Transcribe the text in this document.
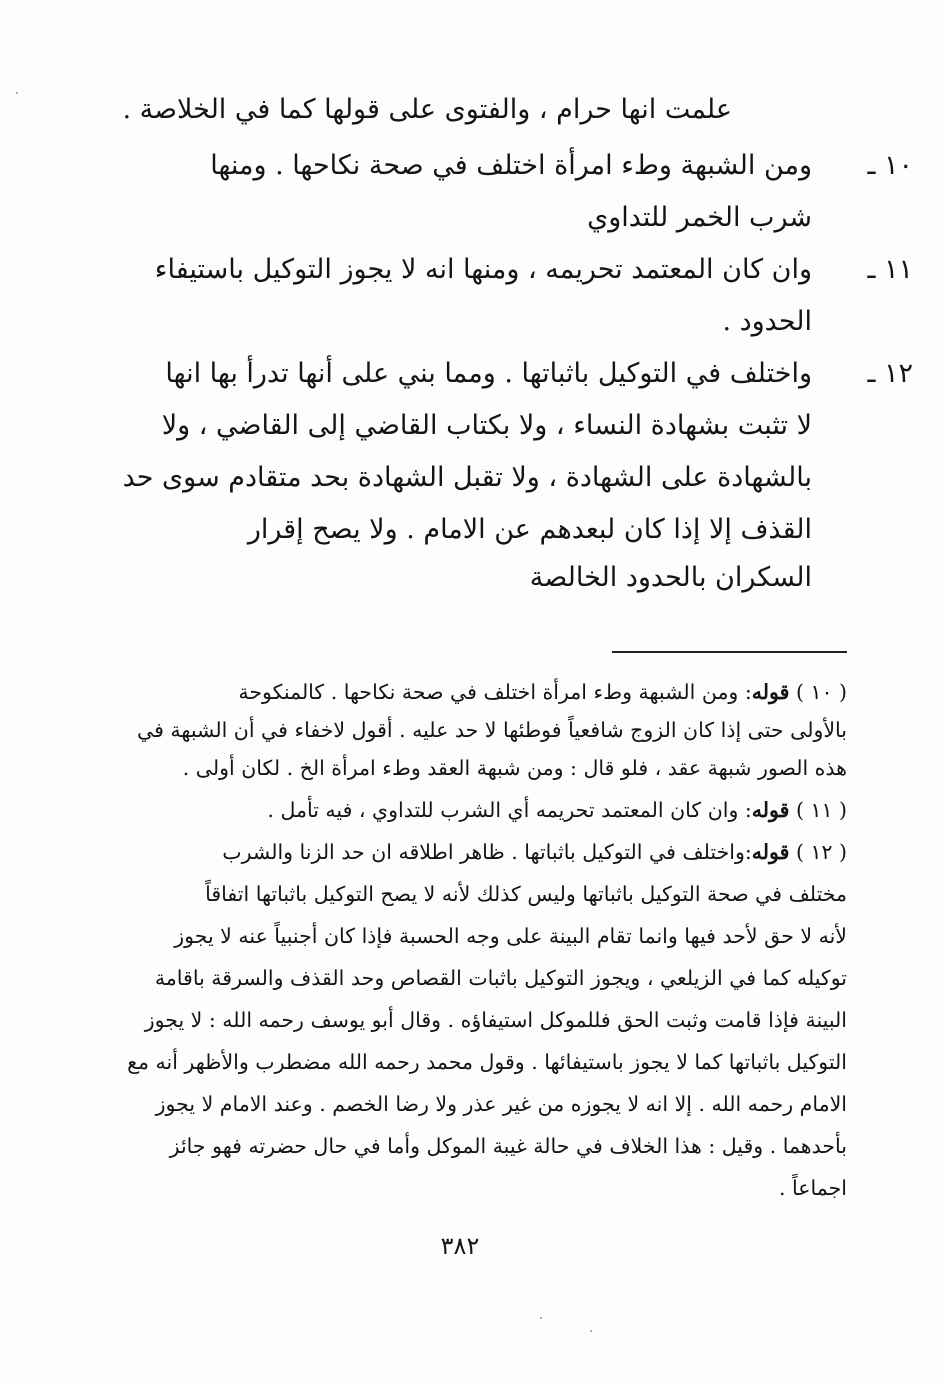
علمت انها حرام ، والفتوى على قولها كما في الخلاصة .
١٠ ـ
ومن الشبهة وطء امرأة اختلف في صحة نكاحها . ومنها
شرب الخمر للتداوي
١١ ـ
وان كان المعتمد تحريمه ، ومنها انه لا يجوز التوكيل باستيفاء
الحدود .
١٢ ـ
واختلف في التوكيل باثباتها . ومما بني على أنها تدرأ بها انها
لا تثبت بشهادة النساء ، ولا بكتاب القاضي إلى القاضي ، ولا
بالشهادة على الشهادة ، ولا تقبل الشهادة بحد متقادم سوى حد
القذف إلا إذا كان لبعدهم عن الامام . ولا يصح إقرار
السكران بالحدود الخالصة
( ١٠ ) قوله: ومن الشبهة وطء امرأة اختلف في صحة نكاحها . كالمنكوحة
بالأولى حتى إذا كان الزوج شافعياً فوطئها لا حد عليه . أقول لاخفاء في أن الشبهة في
هذه الصور شبهة عقد ، فلو قال : ومن شبهة العقد وطء امرأة الخ . لكان أولى .
( ١١ ) قوله: وان كان المعتمد تحريمه أي الشرب للتداوي ، فيه تأمل .
( ١٢ ) قوله:واختلف في التوكيل باثباتها . ظاهر اطلاقه ان حد الزنا والشرب
مختلف في صحة التوكيل باثباتها وليس كذلك لأنه لا يصح التوكيل باثباتها اتفاقاً
لأنه لا حق لأحد فيها وانما تقام البينة على وجه الحسبة فإذا كان أجنبياً عنه لا يجوز
توكيله كما في الزيلعي ، ويجوز التوكيل باثبات القصاص وحد القذف والسرقة باقامة
البينة فإذا قامت وثبت الحق فللموكل استيفاؤه . وقال أبو يوسف رحمه الله : لا يجوز
التوكيل باثباتها كما لا يجوز باستيفائها . وقول محمد رحمه الله مضطرب والأظهر أنه مع
الامام رحمه الله . إلا انه لا يجوزه من غير عذر ولا رضا الخصم . وعند الامام لا يجوز
بأحدهما . وقيل : هذا الخلاف في حالة غيبة الموكل وأما في حال حضرته فهو جائز
اجماعاً .
٣٨٢
